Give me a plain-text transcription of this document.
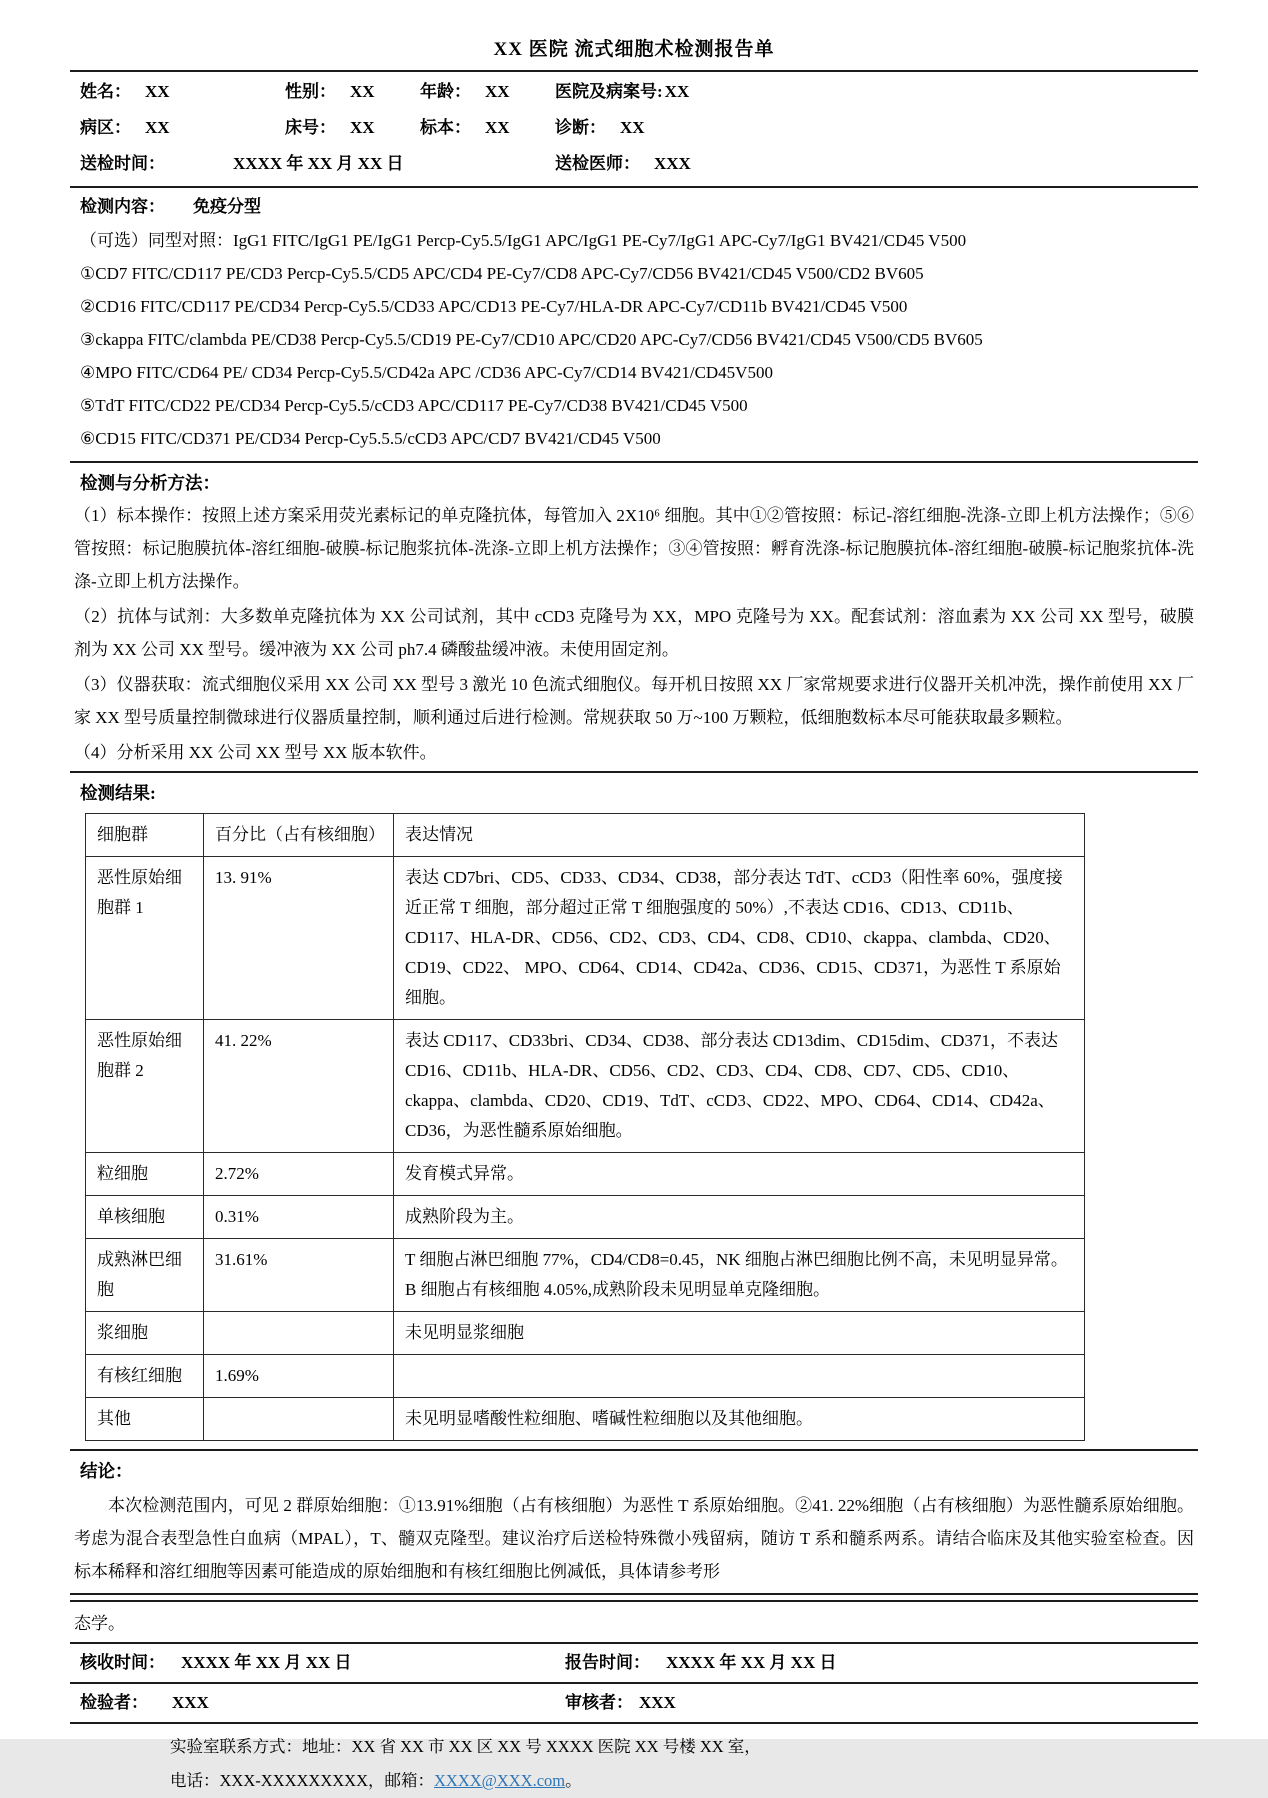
XX 医院 流式细胞术检测报告单
姓名： XX	性别： XX	年龄： XX	医院及病案号: XX
病区： XX	床号： XX	标本： XX	诊断： XX
送检时间：	XXXX 年 XX 月 XX 日	送检医师： XXX
检测内容： 免疫分型
（可选）同型对照：IgG1 FITC/IgG1 PE/IgG1 Percp-Cy5.5/IgG1 APC/IgG1 PE-Cy7/IgG1 APC-Cy7/IgG1 BV421/CD45 V500
①CD7 FITC/CD117 PE/CD3 Percp-Cy5.5/CD5 APC/CD4 PE-Cy7/CD8 APC-Cy7/CD56 BV421/CD45 V500/CD2 BV605
②CD16 FITC/CD117 PE/CD34 Percp-Cy5.5/CD33 APC/CD13 PE-Cy7/HLA-DR APC-Cy7/CD11b BV421/CD45 V500
③ckappa FITC/clambda PE/CD38 Percp-Cy5.5/CD19 PE-Cy7/CD10 APC/CD20 APC-Cy7/CD56 BV421/CD45 V500/CD5 BV605
④MPO FITC/CD64 PE/ CD34 Percp-Cy5.5/CD42a APC /CD36 APC-Cy7/CD14 BV421/CD45V500
⑤TdT FITC/CD22 PE/CD34 Percp-Cy5.5/cCD3 APC/CD117 PE-Cy7/CD38 BV421/CD45 V500
⑥CD15 FITC/CD371 PE/CD34 Percp-Cy5.5.5/cCD3 APC/CD7 BV421/CD45 V500
检测与分析方法：

（1）标本操作：按照上述方案采用荧光素标记的单克隆抗体，每管加入 2X10⁶ 细胞。其中①②管按照：标记-溶红细胞-洗涤-立即上机方法操作；⑤⑥管按照：标记胞膜抗体-溶红细胞-破膜-标记胞浆抗体-洗涤-立即上机方法操作；③④管按照：孵育洗涤-标记胞膜抗体-溶红细胞-破膜-标记胞浆抗体-洗涤-立即上机方法操作。

（2）抗体与试剂：大多数单克隆抗体为 XX 公司试剂，其中 cCD3 克隆号为 XX，MPO 克隆号为 XX。配套试剂：溶血素为 XX 公司 XX 型号，破膜剂为 XX 公司 XX 型号。缓冲液为 XX 公司 ph7.4 磷酸盐缓冲液。未使用固定剂。

（3）仪器获取：流式细胞仪采用 XX 公司 XX 型号 3 激光 10 色流式细胞仪。每开机日按照 XX 厂家常规要求进行仪器开关机冲洗，操作前使用 XX 厂家 XX 型号质量控制微球进行仪器质量控制，顺利通过后进行检测。常规获取 50 万~100 万颗粒，低细胞数标本尽可能获取最多颗粒。

（4）分析采用 XX 公司 XX 型号 XX 版本软件。

检测结果:
细胞群	百分比（占有核细胞）	表达情况
恶性原始细胞群 1	13. 91%	表达 CD7bri、CD5、CD33、CD34、CD38，部分表达 TdT、cCD3（阳性率 60%，强度接近正常 T 细胞，部分超过正常 T 细胞强度的 50%）,不表达 CD16、CD13、CD11b、CD117、HLA-DR、CD56、CD2、CD3、CD4、CD8、CD10、ckappa、clambda、CD20、CD19、CD22、 MPO、CD64、CD14、CD42a、CD36、CD15、CD371，为恶性 T 系原始细胞。
恶性原始细胞群 2	41. 22%	表达 CD117、CD33bri、CD34、CD38、部分表达 CD13dim、CD15dim、CD371，不表达 CD16、CD11b、HLA-DR、CD56、CD2、CD3、CD4、CD8、CD7、CD5、CD10、ckappa、clambda、CD20、CD19、TdT、cCD3、CD22、MPO、CD64、CD14、CD42a、CD36，为恶性髓系原始细胞。
粒细胞	2.72%	发育模式异常。
单核细胞	0.31%	成熟阶段为主。
成熟淋巴细胞	31.61%	T 细胞占淋巴细胞 77%，CD4/CD8=0.45，NK 细胞占淋巴细胞比例不高，未见明显异常。B 细胞占有核细胞 4.05%,成熟阶段未见明显单克隆细胞。
浆细胞		未见明显浆细胞
有核红细胞	1.69%	
其他		未见明显嗜酸性粒细胞、嗜碱性粒细胞以及其他细胞。
结论：

本次检测范围内，可见 2 群原始细胞：①13.91%细胞（占有核细胞）为恶性 T 系原始细胞。②41. 22%细胞（占有核细胞）为恶性髓系原始细胞。考虑为混合表型急性白血病（MPAL），T、髓双克隆型。建议治疗后送检特殊微小残留病，随访 T 系和髓系两系。请结合临床及其他实验室检查。因标本稀释和溶红细胞等因素可能造成的原始细胞和有核红细胞比例减低，具体请参考形

态学。

核收时间： XXXX 年 XX 月 XX 日	报告时间： XXXX 年 XX 月 XX 日
检验者： XXX	审核者： XXX
实验室联系方式：地址：XX 省 XX 市 XX 区 XX 号 XXXX 医院 XX 号楼 XX 室，
电话：XXX-XXXXXXXXX，邮箱：XXXX@XXX.com。
